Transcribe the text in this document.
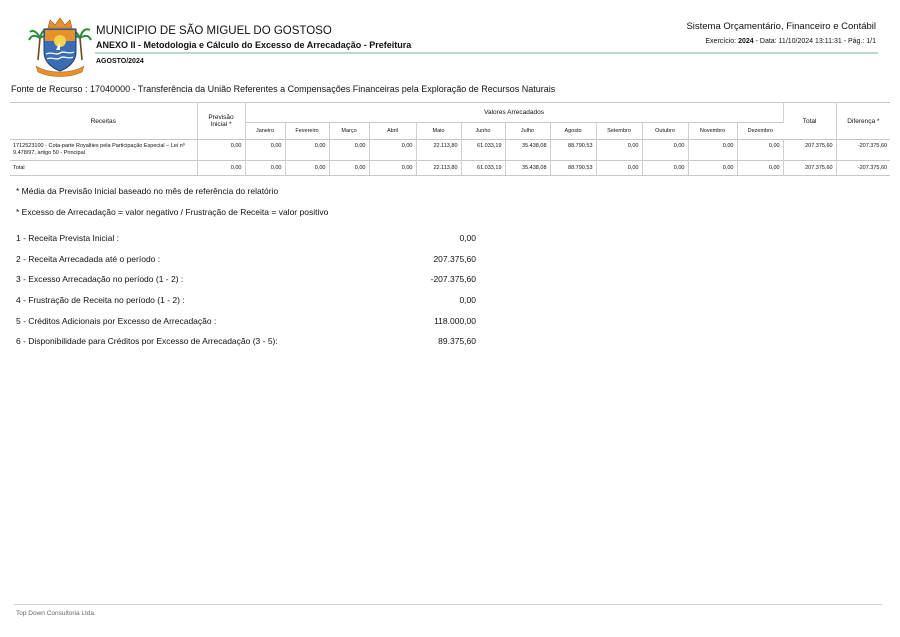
MUNICIPIO DE SÃO MIGUEL DO GOSTOSO
ANEXO II - Metodologia e Cálculo do Excesso de Arrecadação - Prefeitura
AGOSTO/2024
Sistema Orçamentário, Financeiro e Contábil
Exercício: 2024 - Data: 11/10/2024 13:11:31 - Pág.: 1/1
Fonte de Recurso : 17040000 - Transferência da União Referentes a Compensações Financeiras pela Exploração de Recursos Naturais
Receitas	Previsão Inicial *	Valores Arrecadados												Total	Diferença *
		Janeiro	Fevereiro	Março	Abril	Maio	Junho	Julho	Agosto	Setembro	Outubro	Novembro	Dezembro		
1712523100 - Cota-parte Royalties pela Participação Especial – Lei nº 9.478/97, artigo 50 - Principal	0,00	0,00	0,00	0,00	0,00	22.113,80	61.033,19	35.438,08	88.790,53	0,00	0,00	0,00	0,00	207.375,60	-207.375,60
Total	0,00	0,00	0,00	0,00	0,00	22.113,80	61.033,19	35.438,08	88.790,53	0,00	0,00	0,00	0,00	207.375,60	-207.375,60
* Média da Previsão Inicial baseado no mês de referência do relatório
* Excesso de Arrecadação = valor negativo / Frustração de Receita = valor positivo
1 - Receita Prevista Inicial :	0,00
2 - Receita Arrecadada até o período :	207.375,60
3 - Excesso Arrecadação no período (1 - 2) :	-207.375,60
4 - Frustração de Receita no período (1 - 2) :	0,00
5 - Créditos Adicionais por Excesso de Arrecadação :	118.000,00
6 - Disponibilidade para Créditos por Excesso de Arrecadação (3 - 5):	89.375,60
Top Down Consultoria Ltda.
